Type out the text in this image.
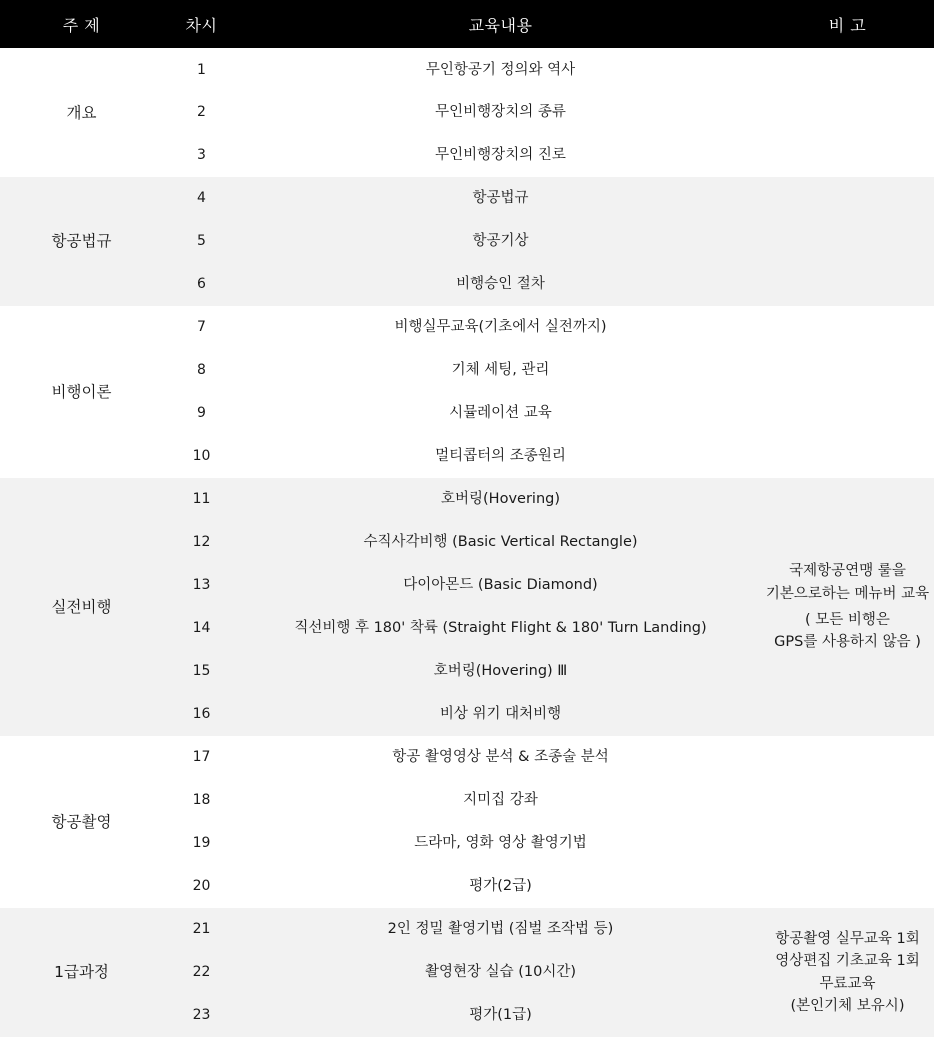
주 제	차시	교육내용	비 고
개요	1	무인항공기 정의와 역사	
	2	무인비행장치의 종류	
	3	무인비행장치의 진로	
항공법규	4	항공법규	
	5	항공기상	
	6	비행승인 절차	
비행이론	7	비행실무교육(기초에서 실전까지)	
	8	기체 세팅, 관리	
	9	시뮬레이션 교육	
	10	멀티콥터의 조종원리	
실전비행	11	호버링(Hovering)	국제항공연맹 룰을
기본으로하는 메뉴버 교육
( 모든 비행은
GPS를 사용하지 않음 )

	12	수직사각비행 (Basic Vertical Rectangle)	
	13	다이아몬드 (Basic Diamond)	
	14	직선비행 후 180' 착륙 (Straight Flight & 180' Turn Landing)	
	15	호버링(Hovering) Ⅲ	
	16	비상 위기 대처비행	
항공촬영	17	항공 촬영영상 분석 & 조종술 분석	
	18	지미집 강좌	
	19	드라마, 영화 영상 촬영기법	
	20	평가(2급)	
1급과정	21	2인 정밀 촬영기법 (짐벌 조작법 등)	항공촬영 실무교육 1회
영상편집 기초교육 1회
무료교육
(본인기체 보유시)

	22	촬영현장 실습 (10시간)	
	23	평가(1급)	
